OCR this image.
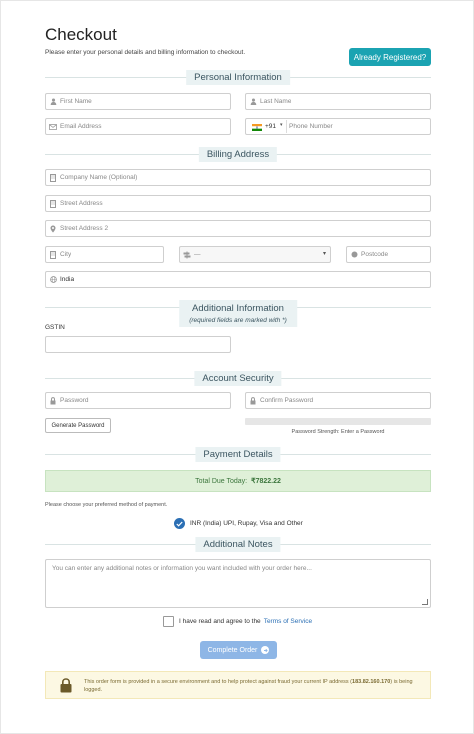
Checkout
Please enter your personal details and billing information to checkout.	Already Registered?
Personal Information
First Name	Last Name
Email Address	+91 ▾ Phone Number
Billing Address
Company Name (Optional)
Street Address
Street Address 2
City	—	▾	Postcode
India
Additional Information
(required fields are marked with *)
GSTIN
Account Security
Password	Confirm Password
Generate Password
Password Strength: Enter a Password
Payment Details
Total Due Today: ₹7822.22
Please choose your preferred method of payment.
INR (India) UPI, Rupay, Visa and Other
Additional Notes
You can enter any additional notes or information you want included with your order here...
I have read and agree to the Terms of Service
Complete Order
This order form is provided in a secure environment and to help protect against fraud your current IP address (183.82.160.170) is being logged.
